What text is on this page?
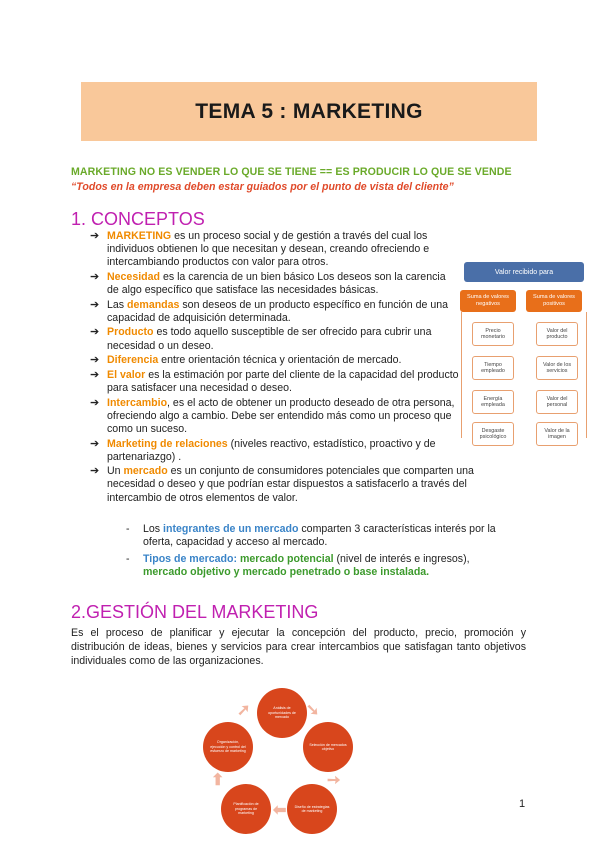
TEMA 5 : MARKETING
MARKETING NO ES VENDER LO QUE SE TIENE == ES PRODUCIR LO QUE SE VENDE
“Todos en la empresa deben estar guiados por el punto de vista del cliente”
1. CONCEPTOS
➔ MARKETING es un proceso social y de gestión a través del cual los individuos obtienen lo que necesitan y desean, creando ofreciendo e intercambiando productos con valor para otros.
➔ Necesidad es la carencia de un bien básico Los deseos son la carencia de algo específico que satisface las necesidades básicas.
➔ Las demandas son deseos de un producto específico en función de una capacidad de adquisición determinada.
➔ Producto es todo aquello susceptible de ser ofrecido para cubrir una necesidad o un deseo.
➔ Diferencia entre orientación técnica y orientación de mercado.
➔ El valor es la estimación por parte del cliente de la capacidad del producto para satisfacer una necesidad o deseo.
➔ Intercambio, es el acto de obtener un producto deseado de otra persona, ofreciendo algo a cambio. Debe ser entendido más como un proceso que como un suceso.
➔ Marketing de relaciones (niveles reactivo, estadístico, proactivo y de partenariazgo) .
➔ Un mercado es un conjunto de consumidores potenciales que comparten una necesidad o deseo y que podrían estar dispuestos a satisfacerlo a través del intercambio de otros elementos de valor.
- Los integrantes de un mercado comparten 3 características interés por la oferta, capacidad y acceso al mercado.
- Tipos de mercado: mercado potencial (nivel de interés e ingresos),
mercado objetivo y mercado penetrado o base instalada.
Valor recibido para
Suma de valores negativos
Suma de valores positivos
Precio monetario
Tiempo empleado
Energía empleada
Desgaste psicológico
Valor del producto
Valor de los servicios
Valor del personal
Valor de la imagen
2.GESTIÓN DEL MARKETING
Es el proceso de planificar y ejecutar la concepción del producto, precio, promoción y distribución de ideas, bienes y servicios para crear intercambios que satisfagan tanto objetivos individuales como de las organizaciones.
Análisis de oportunidades de mercado
Selección de mercados objetivo
Diseño de estrategias de marketing
Planificación de programas de marketing
Organización, ejecución y control del esfuerzo de marketing
➘
➙
⬅
⬆
➚
1
